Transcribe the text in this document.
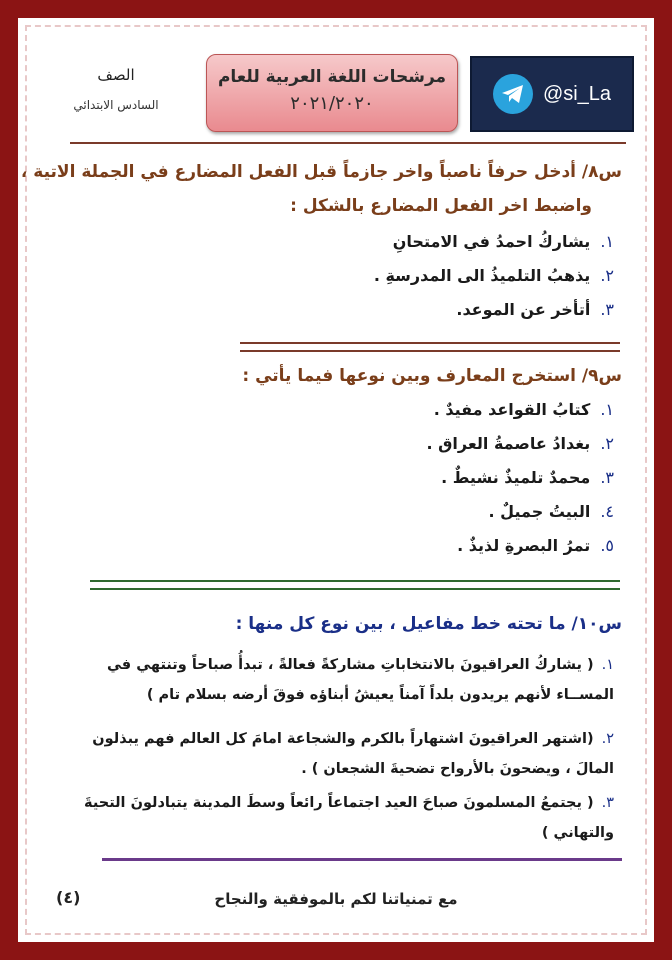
@si_La
مرشحات اللغة العربية للعام
٢٠٢١/٢٠٢٠
الصف
السادس الابتدائي
س٨/ أدخل حرفاً ناصباً واخر جازماً قبل الفعل المضارع في الجملة الاتية ،
واضبط اخر الفعل المضارع بالشكل :
١.يشاركُ احمدُ في الامتحانِ
٢.يذهبُ التلميذُ الى المدرسةِ .
٣.أتأخر عن الموعد.
س٩/ استخرج المعارف وبين نوعها فيما يأتي :
١.كتابُ القواعد مفيدٌ .
٢.بغدادُ عاصمةُ العراق .
٣.محمدٌ تلميذٌ نشيطٌ .
٤.البيتُ جميلٌ .
٥.تمرُ البصرةِ لذيذٌ .
س١٠/ ما تحته خط مفاعيل ، بين نوع كل منها :
١.( يشاركُ العراقيونَ بالانتخاباتِ مشاركةً فعالةً ، تبدأُ صباحاً وتنتهي في المســاء لأنهم يريدون بلداً آمناً يعيشُ أبناؤه فوقَ أرضه بسلام تام )
٢.(اشتهر العراقيونَ اشتهاراً بالكرم والشجاعة امامَ كل العالم فهم يبذلون المالَ ، ويضحونَ بالأرواح تضحيةَ الشجعان ) .
٣.( يجتمعُ المسلمونَ صباحَ العيد اجتماعاً رائعاً وسطَ المدينة يتبادلونَ التحيةَ والتهاني )
مع تمنياتنا لكم بالموفقية والنجاح
(٤)
